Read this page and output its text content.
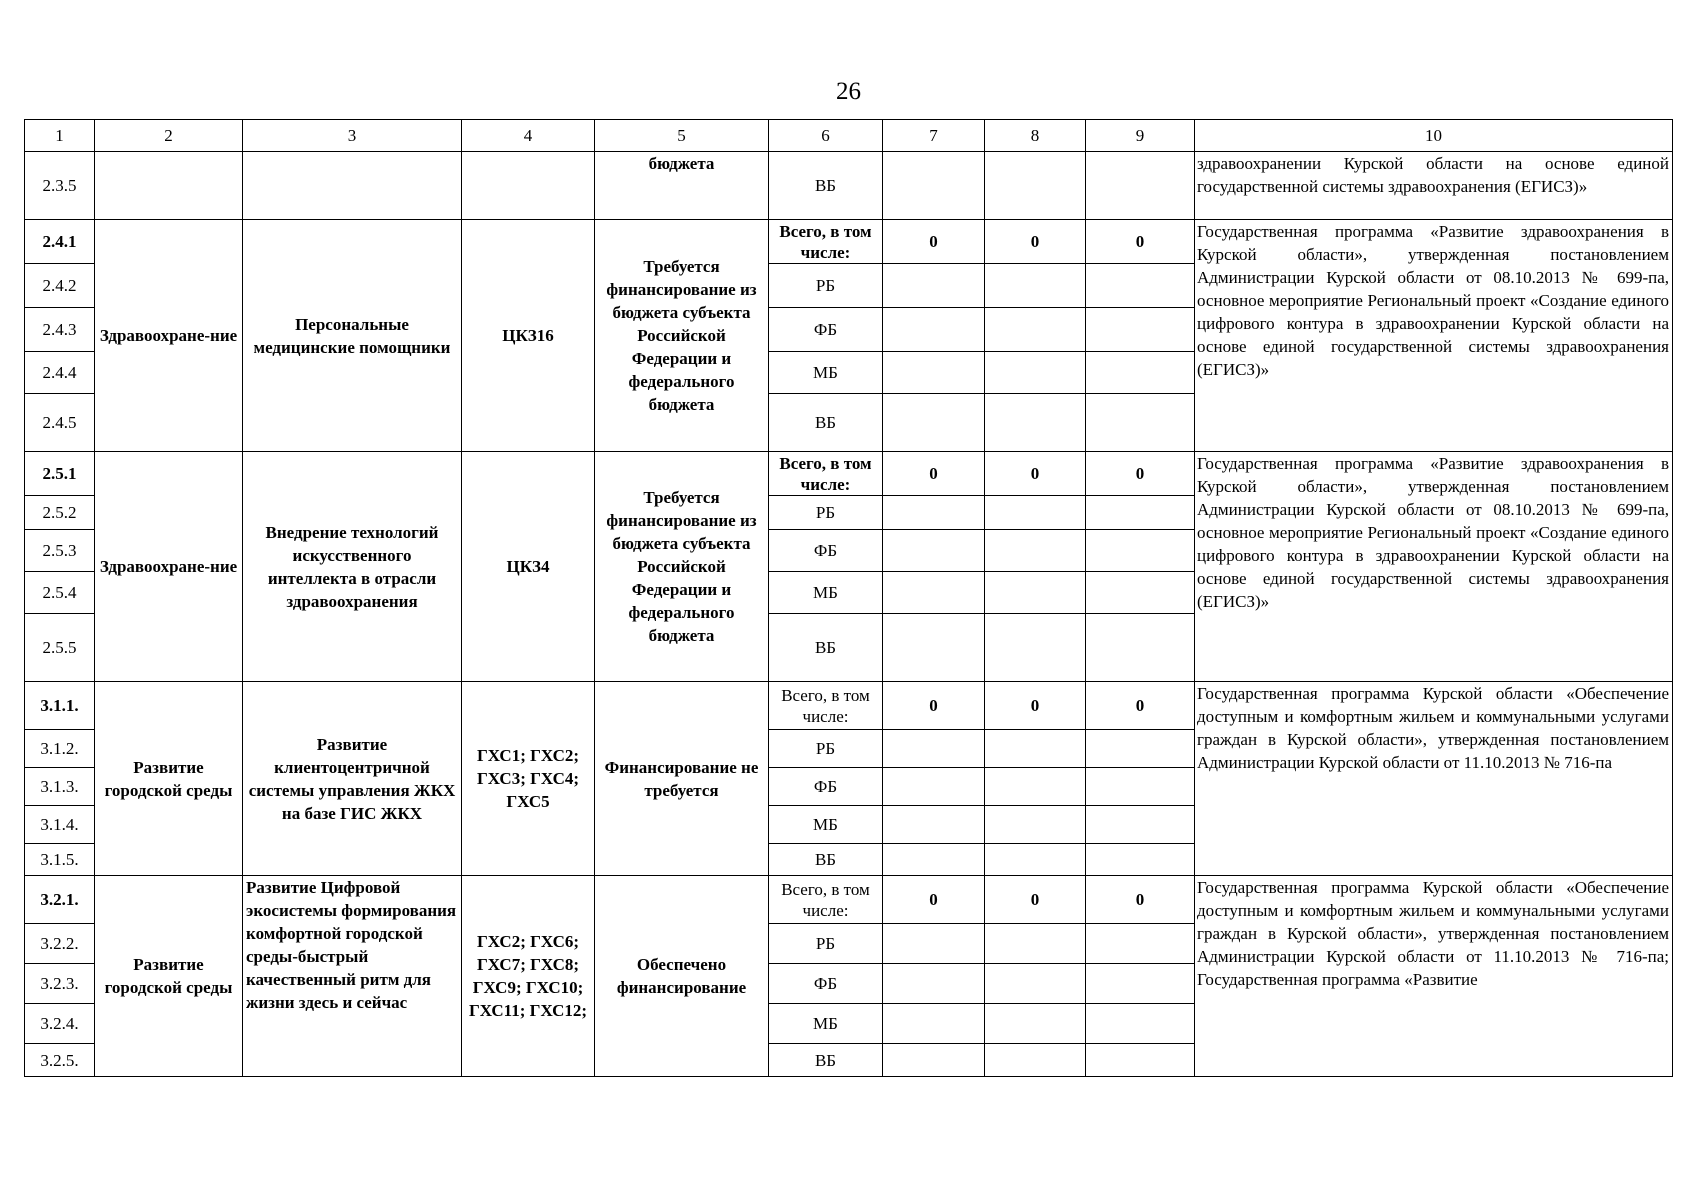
26
1	2	3	4	5	6	7	8	9	10
2.3.5				бюджета	ВБ				здравоохранении Курской области на основе единой государственной системы здравоохранения (ЕГИСЗ)»
2.4.1	Здравоохране-ние	Персональные медицинские помощники	ЦКЗ16	Требуется финансирование из бюджета субъекта Российской Федерации и федерального бюджета	Всего, в том числе:	0	0	0	Государственная программа «Развитие здравоохранения в Курской области», утвержденная постановлением Администрации Курской области от 08.10.2013 № 699-па, основное мероприятие Региональный проект «Создание единого цифрового контура в здравоохранении Курской области на основе единой государственной системы здравоохранения (ЕГИСЗ)»
2.4.2					РБ				
2.4.3					ФБ				
2.4.4					МБ				
2.4.5					ВБ				
2.5.1	Здравоохране-ние	Внедрение технологий искусственного интеллекта в отрасли здравоохранения	ЦКЗ4	Требуется финансирование из бюджета субъекта Российской Федерации и федерального бюджета	Всего, в том числе:	0	0	0	Государственная программа «Развитие здравоохранения в Курской области», утвержденная постановлением Администрации Курской области от 08.10.2013 № 699-па, основное мероприятие Региональный проект «Создание единого цифрового контура в здравоохранении Курской области на основе единой государственной системы здравоохранения (ЕГИСЗ)»
2.5.2					РБ				
2.5.3					ФБ				
2.5.4					МБ				
2.5.5					ВБ				
3.1.1.	Развитие городской среды	Развитие клиентоцентричной системы управления ЖКХ на базе ГИС ЖКХ	ГХС1; ГХС2; ГХС3; ГХС4; ГХС5	Финансирование не требуется	Всего, в том числе:	0	0	0	Государственная программа Курской области «Обеспечение доступным и комфортным жильем и коммунальными услугами граждан в Курской области», утвержденная постановлением Администрации Курской области от 11.10.2013 № 716-па
3.1.2.					РБ				
3.1.3.					ФБ				
3.1.4.					МБ				
3.1.5.					ВБ				
3.2.1.	Развитие городской среды	Развитие Цифровой экосистемы формирования комфортной городской среды-быстрый качественный ритм для жизни здесь и сейчас	ГХС2; ГХС6; ГХС7; ГХС8; ГХС9; ГХС10; ГХС11; ГХС12;	Обеспечено финансирование	Всего, в том числе:	0	0	0	Государственная программа Курской области «Обеспечение доступным и комфортным жильем и коммунальными услугами граждан в Курской области», утвержденная постановлением Администрации Курской области от 11.10.2013 № 716-па; Государственная программа «Развитие
3.2.2.					РБ				
3.2.3.					ФБ				
3.2.4.					МБ				
3.2.5.					ВБ				
